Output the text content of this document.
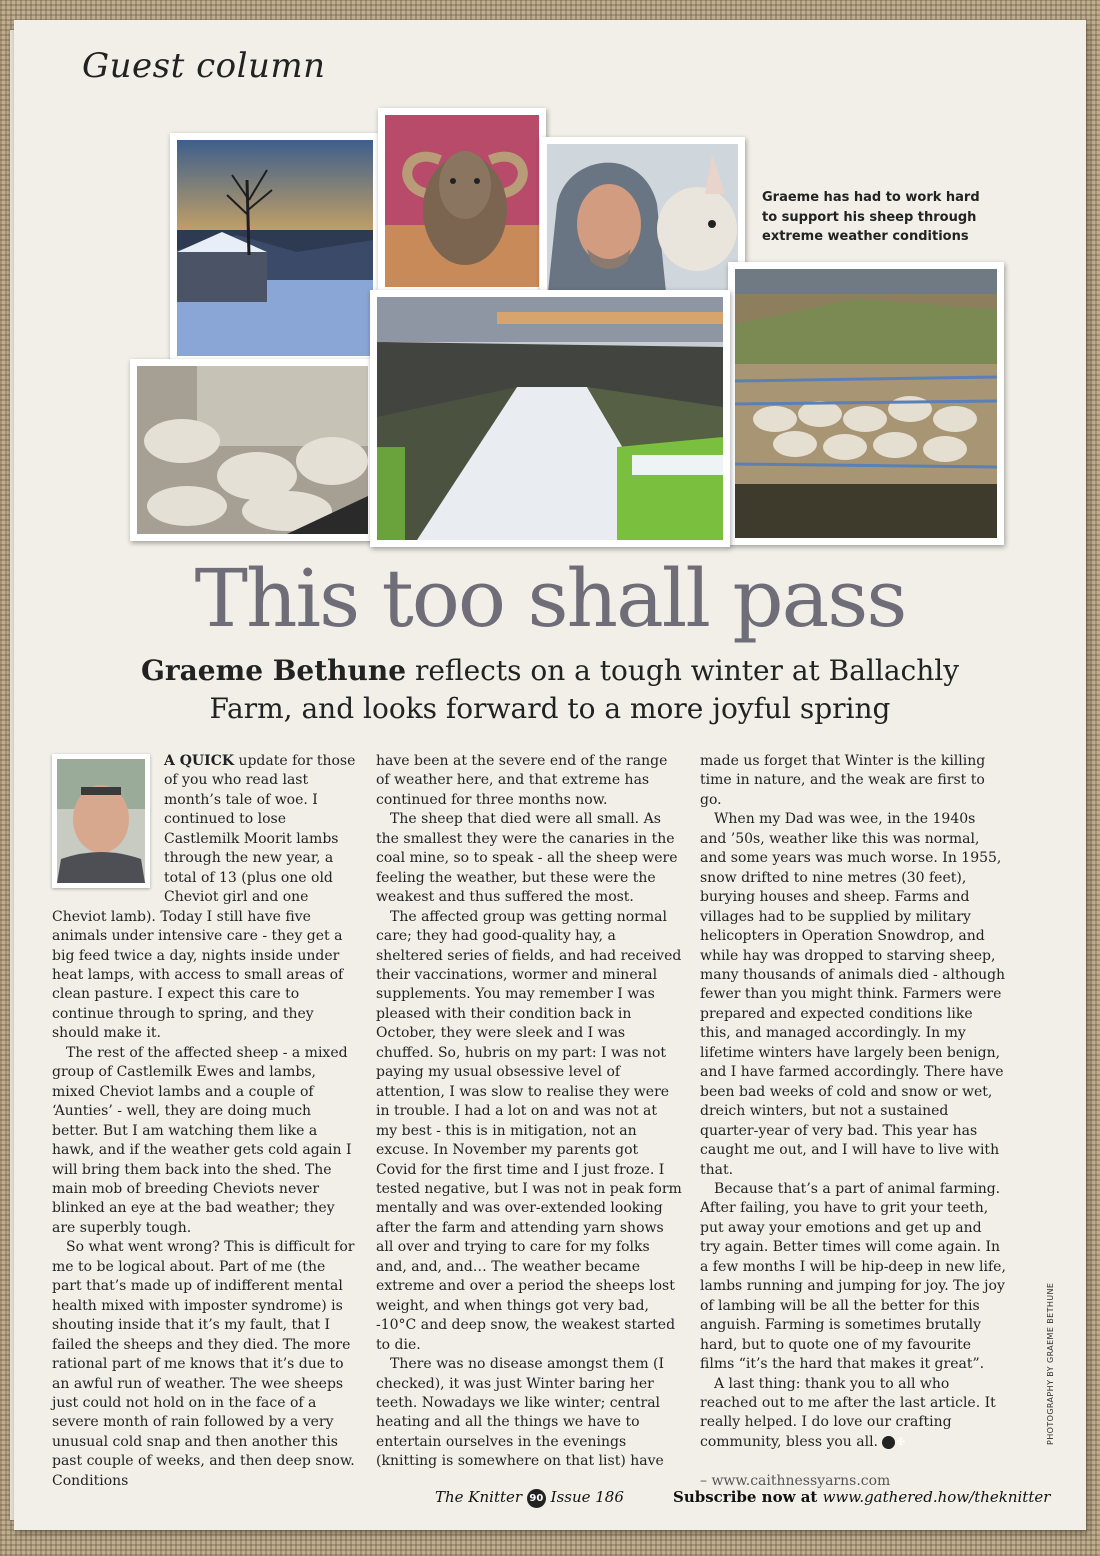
Guest column
Graeme has had to work hard to support his sheep through extreme weather conditions
This too shall pass
Graeme Bethune reflects on a tough winter at Ballachly Farm, and looks forward to a more joyful spring

A QUICK update for those of you who read last month’s tale of woe. I continued to lose Castlemilk Moorit lambs through the new year, a total of 13 (plus one old Cheviot girl and one Cheviot lamb). Today I still have five animals under intensive care - they get a big feed twice a day, nights inside under heat lamps, with access to small areas of clean pasture. I expect this care to continue through to spring, and they should make it.

The rest of the affected sheep - a mixed group of Castlemilk Ewes and lambs, mixed Cheviot lambs and a couple of ‘Aunties’ - well, they are doing much better. But I am watching them like a hawk, and if the weather gets cold again I will bring them back into the shed. The main mob of breeding Cheviots never blinked an eye at the bad weather; they are superbly tough.

So what went wrong? This is difficult for me to be logical about. Part of me (the part that’s made up of indifferent mental health mixed with imposter syndrome) is shouting inside that it’s my fault, that I failed the sheeps and they died. The more rational part of me knows that it’s due to an awful run of weather. The wee sheeps just could not hold on in the face of a severe month of rain followed by a very unusual cold snap and then another this past couple of weeks, and then deep snow. Conditions

have been at the severe end of the range of weather here, and that extreme has continued for three months now.

The sheep that died were all small. As the smallest they were the canaries in the coal mine, so to speak - all the sheep were feeling the weather, but these were the weakest and thus suffered the most.

The affected group was getting normal care; they had good-quality hay, a sheltered series of fields, and had received their vaccinations, wormer and mineral supplements. You may remember I was pleased with their condition back in October, they were sleek and I was chuffed. So, hubris on my part: I was not paying my usual obsessive level of attention, I was slow to realise they were in trouble. I had a lot on and was not at my best - this is in mitigation, not an excuse. In November my parents got Covid for the first time and I just froze. I tested negative, but I was not in peak form mentally and was over-extended looking after the farm and attending yarn shows all over and trying to care for my folks and, and, and… The weather became extreme and over a period the sheeps lost weight, and when things got very bad, -10°C and deep snow, the weakest started to die.

There was no disease amongst them (I checked), it was just Winter baring her teeth. Nowadays we like winter; central heating and all the things we have to entertain ourselves in the evenings (knitting is somewhere on that list) have

made us forget that Winter is the killing time in nature, and the weak are first to go.

When my Dad was wee, in the 1940s and ’50s, weather like this was normal, and some years was much worse. In 1955, snow drifted to nine metres (30 feet), burying houses and sheep. Farms and villages had to be supplied by military helicopters in Operation Snowdrop, and while hay was dropped to starving sheep, many thousands of animals died - although fewer than you might think. Farmers were prepared and expected conditions like this, and managed accordingly. In my lifetime winters have largely been benign, and I have farmed accordingly. There have been bad weeks of cold and snow or wet, dreich winters, but not a sustained quarter-year of very bad. This year has caught me out, and I will have to live with that.

Because that’s a part of animal farming. After failing, you have to grit your teeth, put away your emotions and get up and try again. Better times will come again. In a few months I will be hip-deep in new life, lambs running and jumping for joy. The joy of lambing will be all the better for this anguish. Farming is sometimes brutally hard, but to quote one of my favourite films “it’s the hard that makes it great”.

A last thing: thank you to all who reached out to me after the last article. It really helped. I do love our crafting community, bless you all. ✠

– www.caithnessyarns.com
PHOTOGRAPHY BY GRAEME BETHUNE
The Knitter 90 Issue 186	Subscribe now at www.gathered.how/theknitter
